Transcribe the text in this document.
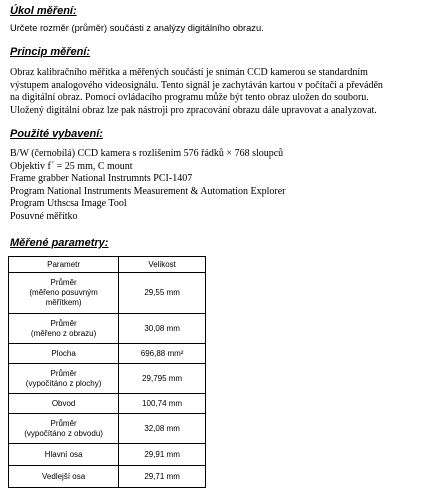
Úkol měření:
Určete rozměr (průměr) součásti z analýzy digitálního obrazu.
Princip měření:
Obraz kalibračního měřítka a měřených součástí je snímán CCD kamerou se standardním
výstupem analogového videosignálu. Tento signál je zachytáván kartou v počítači a převáděn
na digitální obraz. Pomocí ovládacího programu může být tento obraz uložen do souboru.
Uložený digitální obraz lze pak nástroji pro zpracování obrazu dále upravovat a analyzovat.
Použité vybavení:
B/W (černobílá) CCD kamera s rozlišením 576 řádků × 768 sloupců
Objektiv f´ = 25 mm, C mount
Frame grabber National Instrumnts PCI-1407
Program National Instruments Measurement & Automation Explorer
Program Uthscsa Image Tool
Posuvné měřítko
Měřené parametry:
Parametr	Velikost

Průměr
(měřeno posuvným
měřítkem)	29,55 mm

Průměr
(měřeno z obrazu)	30,08 mm

Plocha	696,88 mm²

Průměr
(vypočítáno z plochy)	29,795 mm

Obvod	100,74 mm

Průměr
(vypočítáno z obvodu)	32,08 mm

Hlavní osa	29,91 mm

Vedlejší osa	29,71 mm
